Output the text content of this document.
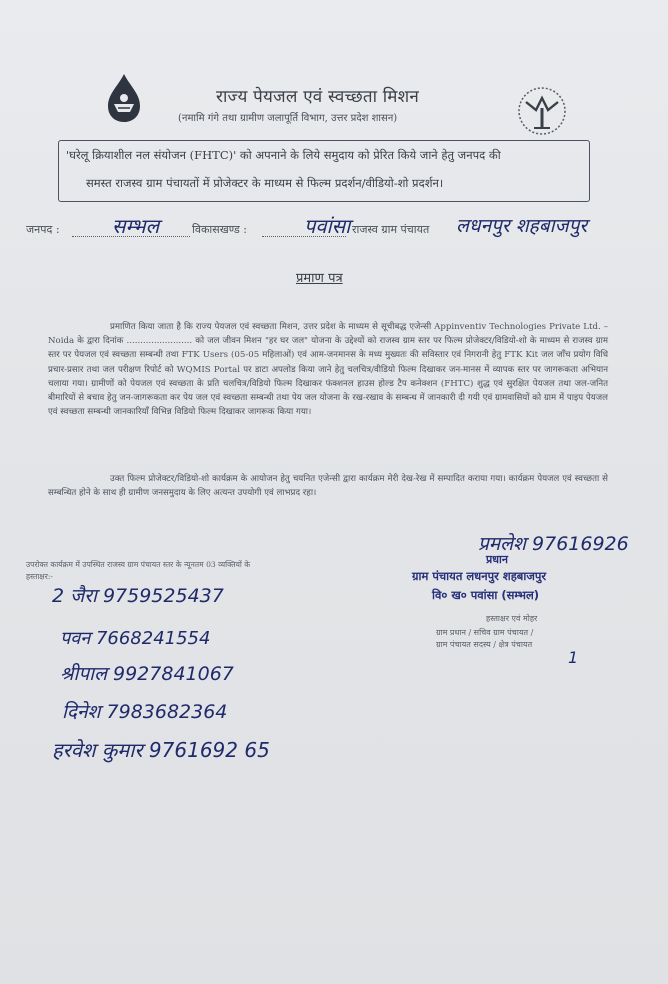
राज्य पेयजल एवं स्वच्छता मिशन
(नमामि गंगे तथा ग्रामीण जलापूर्ति विभाग, उत्तर प्रदेश शासन)
'घरेलू क्रियाशील नल संयोजन (FHTC)' को अपनाने के लिये समुदाय को प्रेरित किये जाने हेतु जनपद की
समस्त राजस्व ग्राम पंचायतों में प्रोजेक्टर के माध्यम से फिल्म प्रदर्शन/वीडियो-शो प्रदर्शन।
जनपद :	सम्भल	विकासखण्ड :	पवांसा राजस्व ग्राम पंचायत लधनपुर शहबाजपुर
प्रमाण पत्र

प्रमाणित किया जाता है कि राज्य पेयजल एवं स्वच्छता मिशन, उत्तर प्रदेश के माध्यम से सूचीबद्ध एजेन्सी Appinventiv Technologies Private Ltd. – Noida के द्वारा दिनांक ........................ को जल जीवन मिशन "हर घर जल" योजना के उद्देश्यों को राजस्व ग्राम स्तर पर फिल्म प्रोजेक्टर/विडियो-शो के माध्यम से राजस्व ग्राम स्तर पर पेयजल एवं स्वच्छता सम्बन्धी तथा FTK Users (05-05 महिलाओं) एवं आम-जनमानस के मध्य मुख्यतः की सविस्तार एवं निगरानी हेतु FTK Kit जल जाँच प्रयोग विधि प्रचार-प्रसार तथा जल परीक्षण रिपोर्ट को WQMIS Portal पर डाटा अपलोड किया जाने हेतु चलचित्र/वीडियो फिल्म दिखाकर जन-मानस में व्यापक स्तर पर जागरूकता अभियान चलाया गया। ग्रामीणों को पेयजल एवं स्वच्छता के प्रति चलचित्र/विडियो फिल्म दिखाकर फंक्शनल हाउस होल्ड टैप कनेक्शन (FHTC) शुद्ध एवं सुरक्षित पेयजल तथा जल-जनित बीमारियों से बचाव हेतु जन-जागरूकता कर पेय जल एवं स्वच्छता सम्बन्धी तथा पेय जल योजना के रख-रखाव के सम्बन्ध में जानकारी दी गयी एवं ग्रामवासियों को ग्राम में पाइप पेयजल एवं स्वच्छता सम्बन्धी जानकारियाँ विभिन्न विडियो फिल्म दिखाकर जागरूक किया गया।

उक्त फिल्म प्रोजेक्टर/विडियो-शो कार्यक्रम के आयोजन हेतु चयनित एजेन्सी द्वारा कार्यक्रम मेरी देख-रेख में सम्पादित कराया गया। कार्यक्रम पेयजल एवं स्वच्छता से सम्बन्धित होने के साथ ही ग्रामीण जनसमुदाय के लिए अत्यन्त उपयोगी एवं लाभप्रद रहा।

उपरोक्त कार्यक्रम में उपस्थित राजस्व ग्राम पंचायत स्तर के न्यूनतम 03 व्यक्तियों के
हस्ताक्षर:-
2 जैरा 9759525437
पवन 7668241554
श्रीपाल 9927841067
दिनेश 7983682364
हरवेश कुमार 9761692 65
प्रमलेश 97616926
प्रधान
ग्राम पंचायत लधनपुर शहबाजपुर
वि० ख० पवांसा (सम्भल)
हस्ताक्षर एवं मोहर
ग्राम प्रधान / सचिव ग्राम पंचायत /
ग्राम पंचायत सदस्य / क्षेत्र पंचायत
1
